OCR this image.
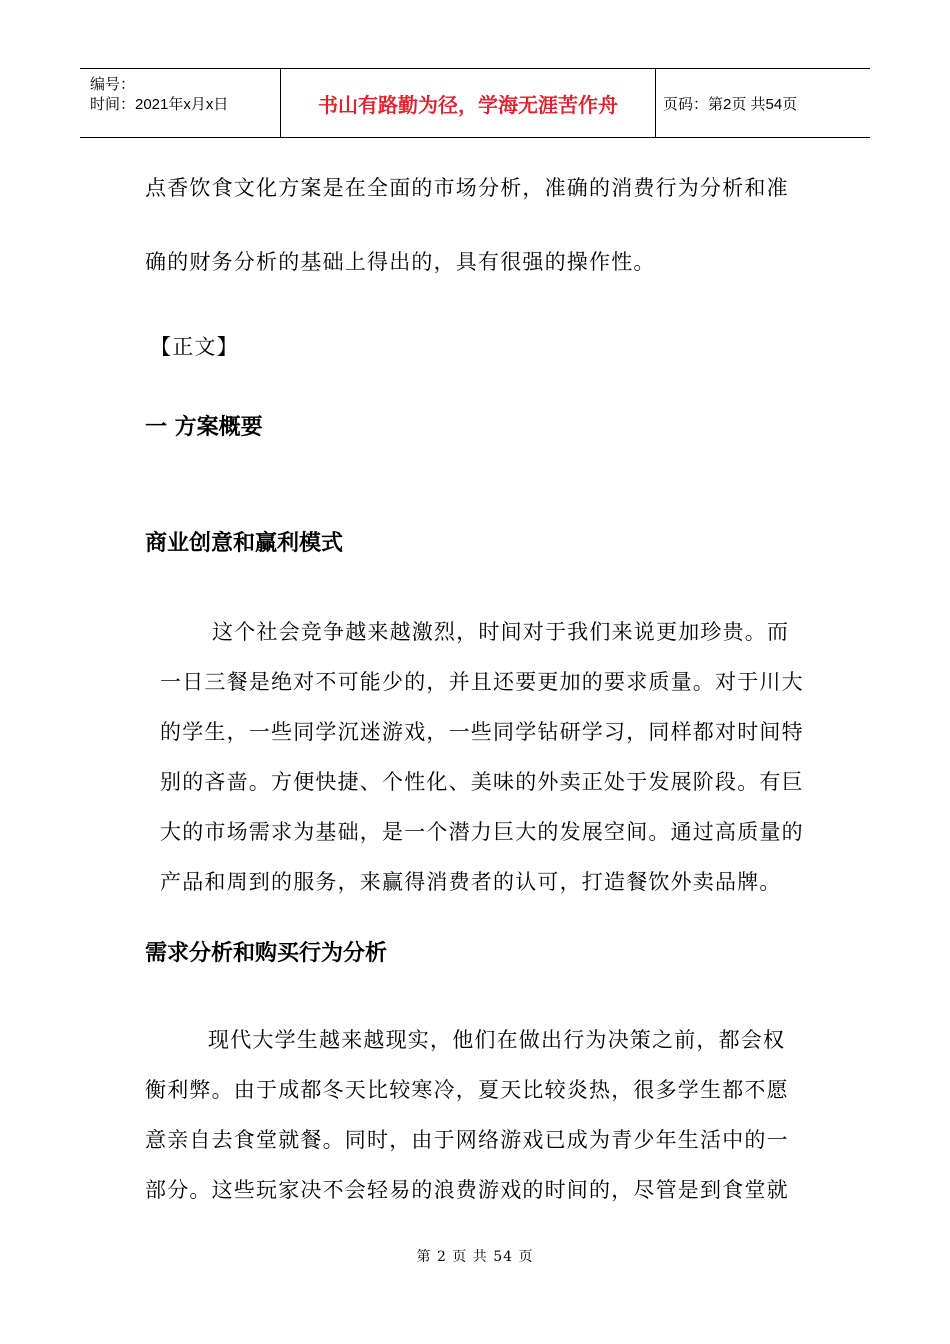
编号：
时间：2021年x月x日	书山有路勤为径，学海无涯苦作舟	页码：第2页 共54页
点香饮食文化方案是在全面的市场分析，准确的消费行为分析和准
确的财务分析的基础上得出的，具有很强的操作性。
【正文】
一 方案概要
商业创意和赢利模式
这个社会竞争越来越激烈，时间对于我们来说更加珍贵。而
一日三餐是绝对不可能少的，并且还要更加的要求质量。对于川大
的学生，一些同学沉迷游戏，一些同学钻研学习，同样都对时间特
别的吝啬。方便快捷、个性化、美味的外卖正处于发展阶段。有巨
大的市场需求为基础，是一个潜力巨大的发展空间。通过高质量的
产品和周到的服务，来赢得消费者的认可，打造餐饮外卖品牌。
需求分析和购买行为分析
现代大学生越来越现实，他们在做出行为决策之前，都会权
衡利弊。由于成都冬天比较寒冷，夏天比较炎热，很多学生都不愿
意亲自去食堂就餐。同时，由于网络游戏已成为青少年生活中的一
部分。这些玩家决不会轻易的浪费游戏的时间的，尽管是到食堂就
第 2 页 共 54 页
